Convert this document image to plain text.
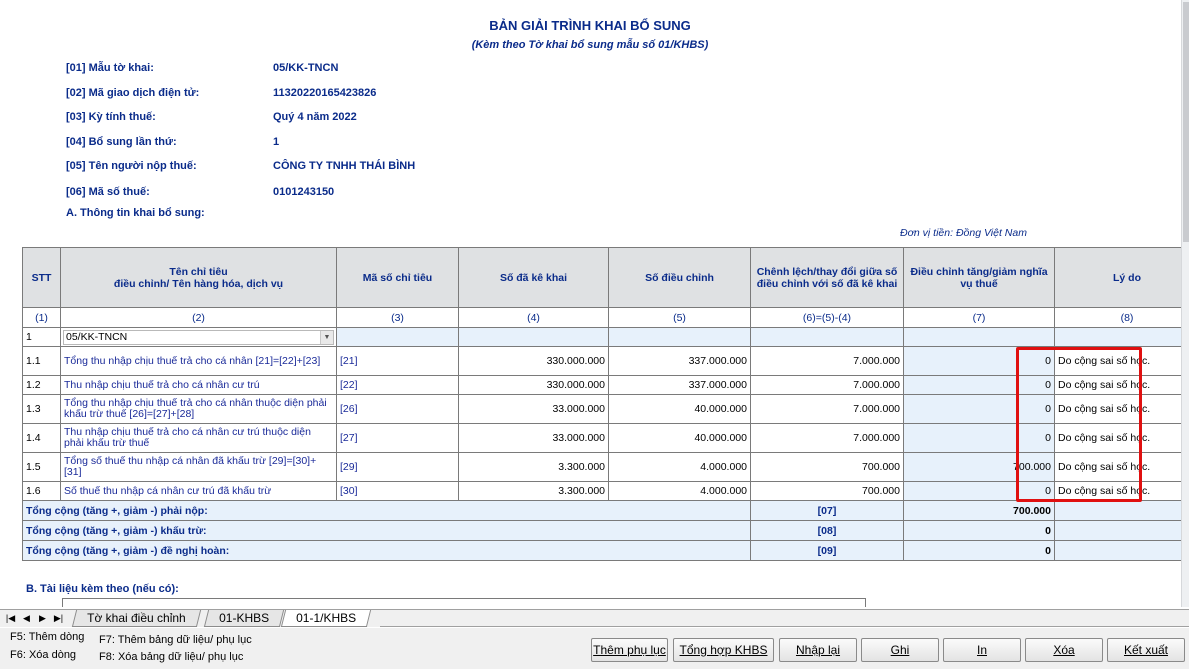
BẢN GIẢI TRÌNH KHAI BỔ SUNG
(Kèm theo Tờ khai bổ sung mẫu số 01/KHBS)
[01] Mẫu tờ khai:	05/KK-TNCN
[02] Mã giao dịch điện tử:	11320220165423826
[03] Kỳ tính thuế:	Quý 4 năm 2022
[04] Bổ sung lần thứ:	1
[05] Tên người nộp thuế:	CÔNG TY TNHH THÁI BÌNH
[06] Mã số thuế:	0101243150
A. Thông tin khai bổ sung:
Đơn vị tiền: Đồng Việt Nam
STT	Tên chỉ tiêu
điều chỉnh/ Tên hàng hóa, dịch vụ	Mã số chỉ tiêu	Số đã kê khai	Số điều chỉnh	Chênh lệch/thay đổi giữa số điều chỉnh với số đã kê khai	Điều chỉnh tăng/giảm nghĩa vụ thuế	Lý do
(1)	(2)	(3)	(4)	(5)	(6)=(5)-(4)	(7)	(8)
1	05/KK-TNCN ▼						

1.1	Tổng thu nhập chịu thuế trả cho cá nhân [21]=[22]+[23]	[21]	330.000.000	337.000.000	7.000.000	0	Do cộng sai số học.
1.2	Thu nhập chịu thuế trả cho cá nhân cư trú	[22]	330.000.000	337.000.000	7.000.000	0	Do cộng sai số học.
1.3	Tổng thu nhập chịu thuế trả cho cá nhân thuộc diện phải khấu trừ thuế [26]=[27]+[28]	[26]	33.000.000	40.000.000	7.000.000	0	Do cộng sai số học.
1.4	Thu nhập chịu thuế trả cho cá nhân cư trú thuộc diện phải khấu trừ thuế	[27]	33.000.000	40.000.000	7.000.000	0	Do cộng sai số học.
1.5	Tổng số thuế thu nhập cá nhân đã khấu trừ [29]=[30]+[31]	[29]	3.300.000	4.000.000	700.000	700.000	Do cộng sai số học.
1.6	Số thuế thu nhập cá nhân cư trú đã khấu trừ	[30]	3.300.000	4.000.000	700.000	0	Do cộng sai số học.
Tổng cộng (tăng +, giảm -) phải nộp:					[07]	700.000	
Tổng cộng (tăng +, giảm -) khấu trừ:					[08]	0	
Tổng cộng (tăng +, giảm -) đề nghị hoàn:					[09]	0	
B. Tài liệu kèm theo (nếu có):
|◀ ◀	▶ ▶|	Tờ khai điều chỉnh	01-KHBS	01-1/KHBS
F5: Thêm dòng
F6: Xóa dòng
F7: Thêm bảng dữ liệu/ phụ lục
F8: Xóa bảng dữ liệu/ phụ lục	Thêm phụ lục	Tổng hợp KHBS	Nhập lại	Ghi	In	Xóa	Kết xuất
